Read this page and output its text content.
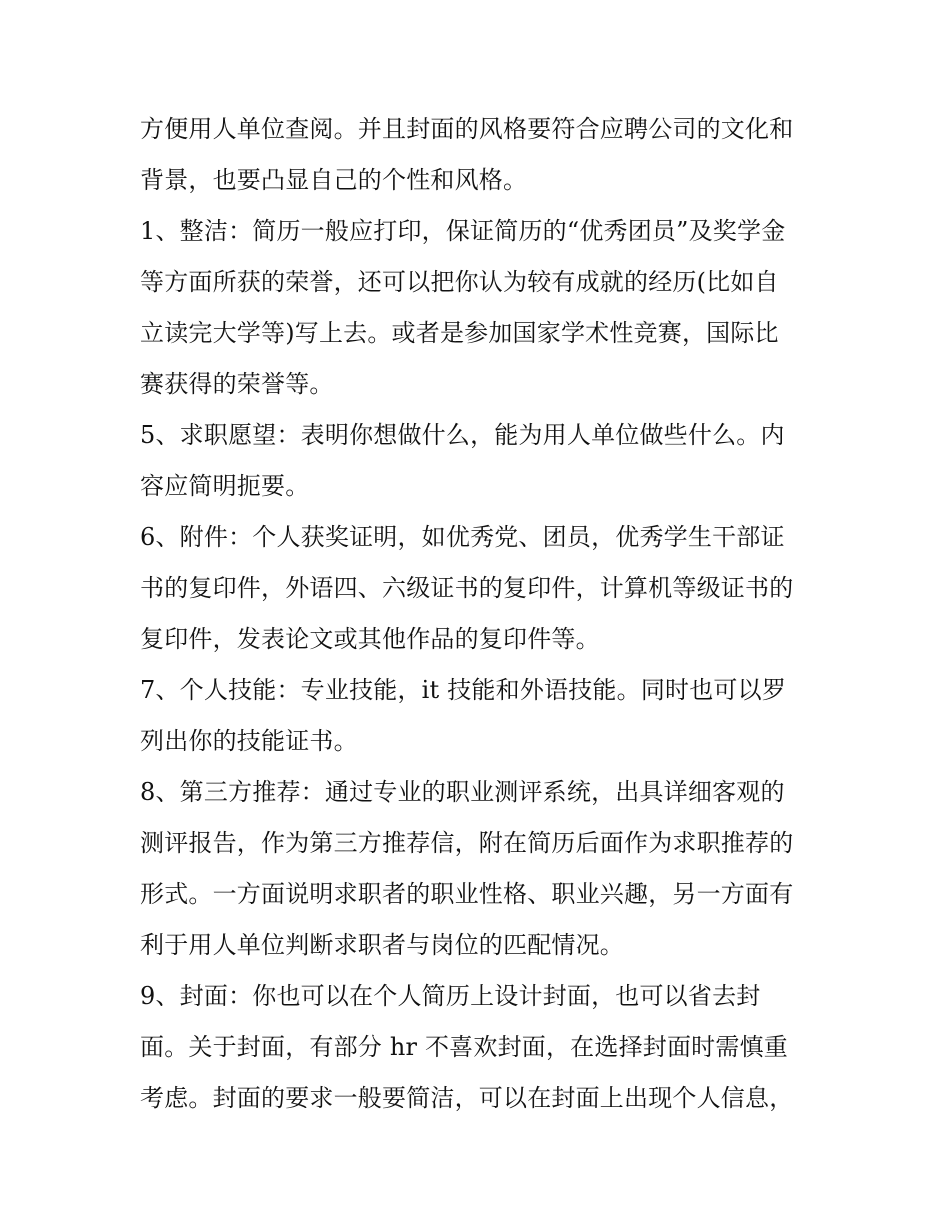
方便用人单位查阅。并且封面的风格要符合应聘公司的文化和
背景，也要凸显自己的个性和风格。
1、整洁：简历一般应打印，保证简历的“优秀团员”及奖学金
等方面所获的荣誉，还可以把你认为较有成就的经历(比如自
立读完大学等)写上去。或者是参加国家学术性竞赛，国际比
赛获得的荣誉等。
5、求职愿望：表明你想做什么，能为用人单位做些什么。内
容应简明扼要。
6、附件：个人获奖证明，如优秀党、团员，优秀学生干部证
书的复印件，外语四、六级证书的复印件，计算机等级证书的
复印件，发表论文或其他作品的复印件等。
7、个人技能：专业技能，it 技能和外语技能。同时也可以罗
列出你的技能证书。
8、第三方推荐：通过专业的职业测评系统，出具详细客观的
测评报告，作为第三方推荐信，附在简历后面作为求职推荐的
形式。一方面说明求职者的职业性格、职业兴趣，另一方面有
利于用人单位判断求职者与岗位的匹配情况。
9、封面：你也可以在个人简历上设计封面，也可以省去封
面。关于封面，有部分 hr 不喜欢封面，在选择封面时需慎重
考虑。封面的要求一般要简洁，可以在封面上出现个人信息，
